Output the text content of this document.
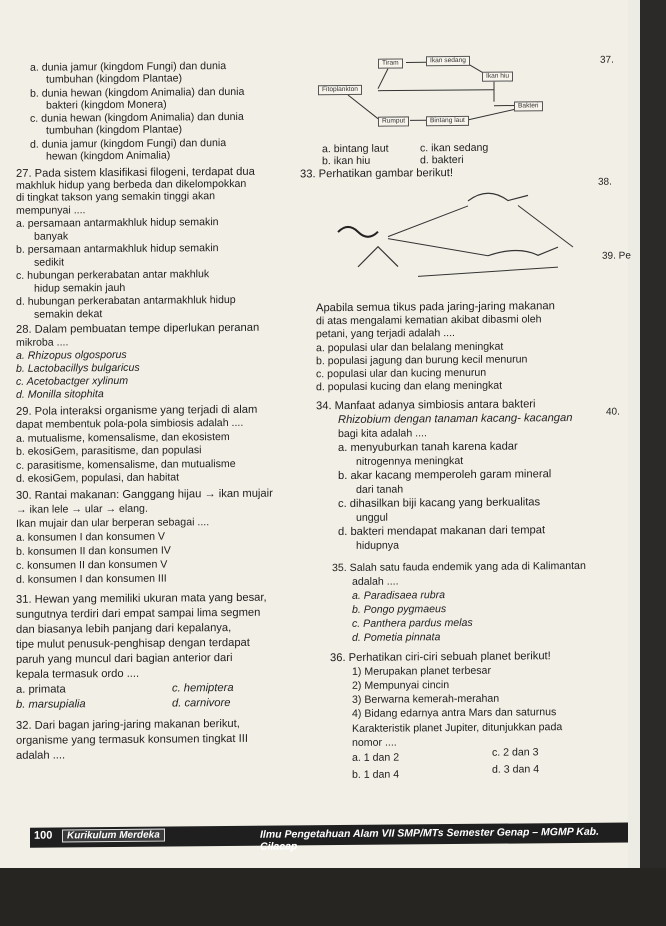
a. dunia jamur (kingdom Fungi) dan dunia
tumbuhan (kingdom Plantae)
b. dunia hewan (kingdom Animalia) dan dunia
bakteri (kingdom Monera)
c. dunia hewan (kingdom Animalia) dan dunia
tumbuhan (kingdom Plantae)
d. dunia jamur (kingdom Fungi) dan dunia
hewan (kingdom Animalia)
27. Pada sistem klasifikasi filogeni, terdapat dua
makhluk hidup yang berbeda dan dikelompokkan
di tingkat takson yang semakin tinggi akan
mempunyai ....
a. persamaan antarmakhluk hidup semakin
banyak
b. persamaan antarmakhluk hidup semakin
sedikit
c. hubungan perkerabatan antar makhluk
hidup semakin jauh
d. hubungan perkerabatan antarmakhluk hidup
semakin dekat
28. Dalam pembuatan tempe diperlukan peranan
mikroba ....
a. Rhizopus olgosporus
b. Lactobacillys bulgaricus
c. Acetobactger xylinum
d. Monilla sitophita
29. Pola interaksi organisme yang terjadi di alam
dapat membentuk pola-pola simbiosis adalah ....
a. mutualisme, komensalisme, dan ekosistem
b. ekosiGem, parasitisme, dan populasi
c. parasitisme, komensalisme, dan mutualisme
d. ekosiGem, populasi, dan habitat
30. Rantai makanan: Ganggang hijau → ikan mujair
→ ikan lele → ular → elang.
Ikan mujair dan ular berperan sebagai ....
a. konsumen I dan konsumen V
b. konsumen II dan konsumen IV
c. konsumen II dan konsumen V
d. konsumen I dan konsumen III
31. Hewan yang memiliki ukuran mata yang besar,
sungutnya terdiri dari empat sampai lima segmen
dan biasanya lebih panjang dari kepalanya,
tipe mulut penusuk-penghisap dengan terdapat
paruh yang muncul dari bagian anterior dari
kepala termasuk ordo ....
a. primata	c. hemiptera
b. marsupialia	d. carnivore
32. Dari bagan jaring-jaring makanan berikut,
organisme yang termasuk konsumen tingkat III
adalah ....
Tiram	Ikan sedang
Ikan hiu
Fitoplankton
Bakteri
Rumput	Bintang laut
a. bintang laut	c. ikan sedang
b. ikan hiu	d. bakteri
33. Perhatikan gambar berikut!
Apabila semua tikus pada jaring-jaring makanan
di atas mengalami kematian akibat dibasmi oleh
petani, yang terjadi adalah ....
a. populasi ular dan belalang meningkat
b. populasi jagung dan burung kecil menurun
c. populasi ular dan kucing menurun
d. populasi kucing dan elang meningkat
34. Manfaat adanya simbiosis antara bakteri
Rhizobium dengan tanaman kacang- kacangan
bagi kita adalah ....
a. menyuburkan tanah karena kadar
nitrogennya meningkat
b. akar kacang memperoleh garam mineral
dari tanah
c. dihasilkan biji kacang yang berkualitas
unggul
d. bakteri mendapat makanan dari tempat
hidupnya
35. Salah satu fauda endemik yang ada di Kalimantan
adalah ....
a. Paradisaea rubra
b. Pongo pygmaeus
c. Panthera pardus melas
d. Pometia pinnata
36. Perhatikan ciri-ciri sebuah planet berikut!
1) Merupakan planet terbesar
2) Mempunyai cincin
3) Berwarna kemerah-merahan
4) Bidang edarnya antra Mars dan saturnus
Karakteristik planet Jupiter, ditunjukkan pada
nomor ....
a. 1 dan 2	c. 2 dan 3
b. 1 dan 4	d. 3 dan 4
37.
38.
39. Pe
40.
100	Kurikulum Merdeka	Ilmu Pengetahuan Alam VII SMP/MTs Semester Genap – MGMP Kab. Cilacap
